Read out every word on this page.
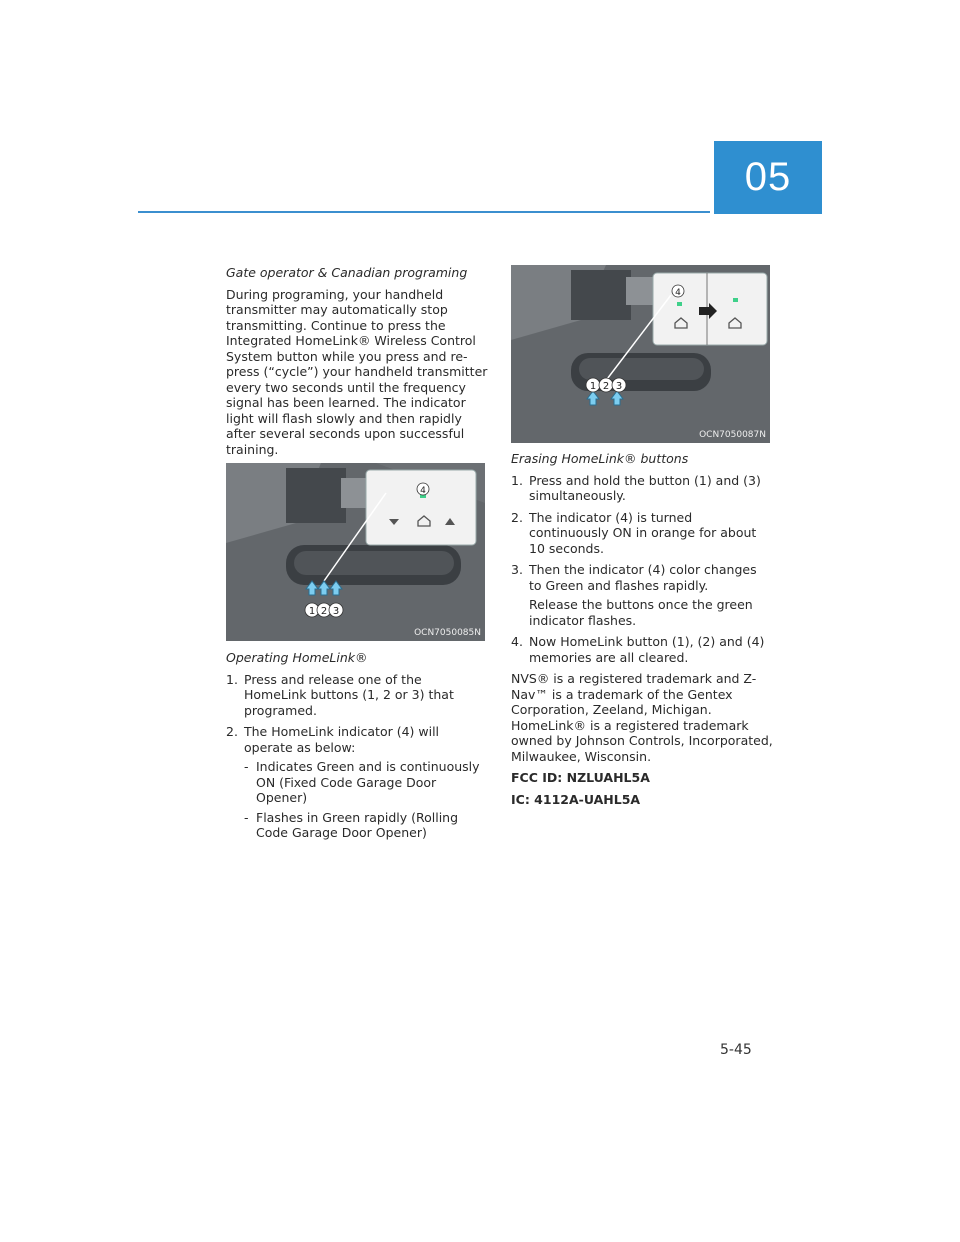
05

Gate operator & Canadian programing

During programing, your handheld transmitter may automatically stop transmitting. Continue to press the Integrated HomeLink® Wireless Control System button while you press and re-press (“cycle”) your handheld transmitter every two seconds until the frequency signal has been learned. The indicator light will flash slowly and then rapidly after several seconds upon successful training.

1 2 3
4
OCN7050085N

Operating HomeLink®

1. Press and release one of the HomeLink buttons (1, 2 or 3) that programed.
2. The HomeLink indicator (4) will operate as below:
- Indicates Green and is continuously ON (Fixed Code Garage Door Opener)
- Flashes in Green rapidly (Rolling Code Garage Door Opener)
1 2 3
4
OCN7050087N

Erasing HomeLink® buttons

1. Press and hold the button (1) and (3) simultaneously.
2. The indicator (4) is turned continuously ON in orange for about 10 seconds.
3. Then the indicator (4) color changes to Green and flashes rapidly.
Release the buttons once the green indicator flashes.
4. Now HomeLink button (1), (2) and (4) memories are all cleared.

NVS® is a registered trademark and Z-Nav™ is a trademark of the Gentex Corporation, Zeeland, Michigan. HomeLink® is a registered trademark owned by Johnson Controls, Incorporated, Milwaukee, Wisconsin.

FCC ID: NZLUAHL5A

IC: 4112A-UAHL5A

5-45
